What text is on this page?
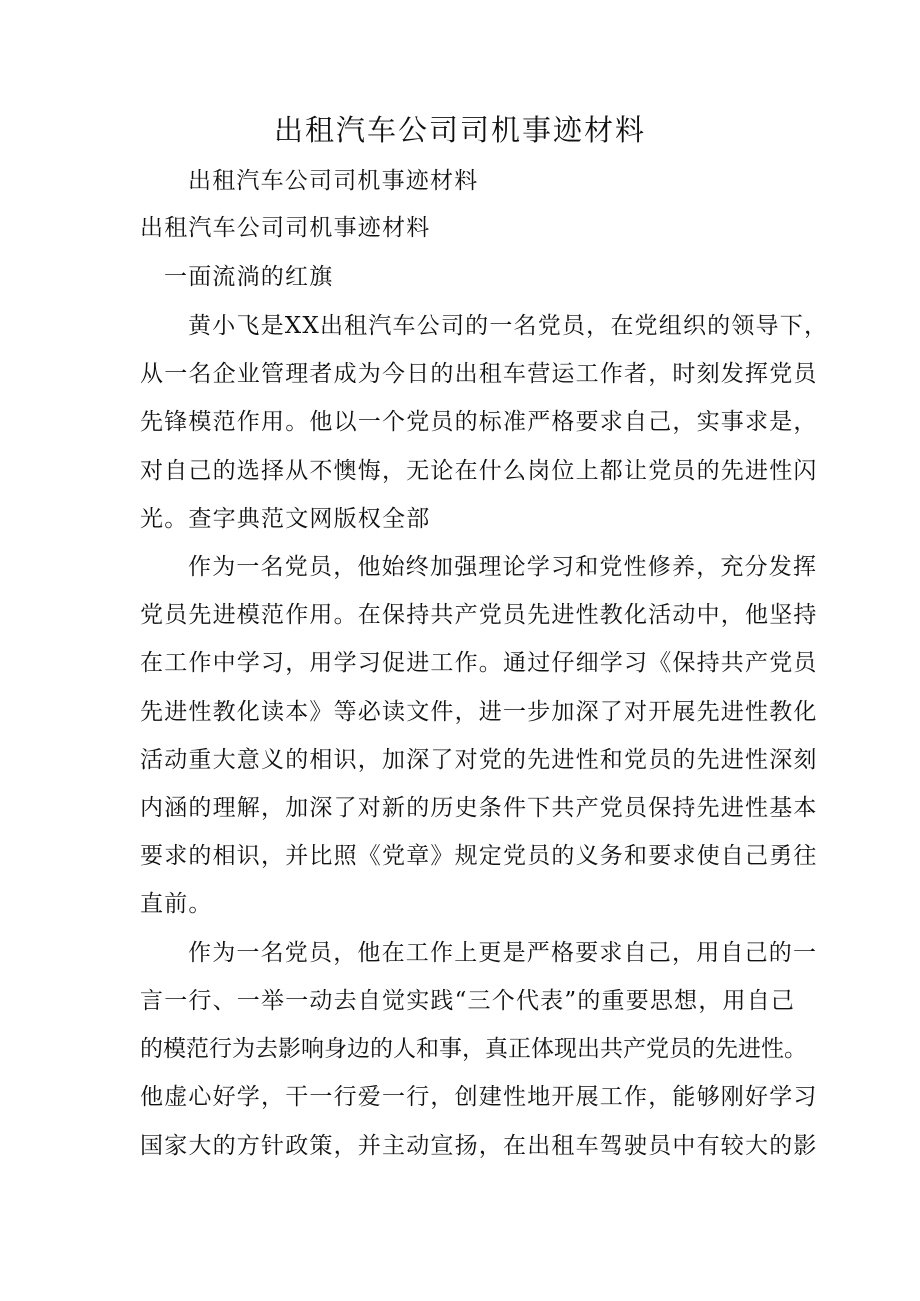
出租汽车公司司机事迹材料
出租汽车公司司机事迹材料
出租汽车公司司机事迹材料
一面流淌的红旗
黄小飞是XX出租汽车公司的一名党员，在党组织的领导下，
从一名企业管理者成为今日的出租车营运工作者，时刻发挥党员
先锋模范作用。他以一个党员的标准严格要求自己，实事求是，
对自己的选择从不懊悔，无论在什么岗位上都让党员的先进性闪
光。查字典范文网版权全部
作为一名党员，他始终加强理论学习和党性修养，充分发挥
党员先进模范作用。在保持共产党员先进性教化活动中，他坚持
在工作中学习，用学习促进工作。通过仔细学习《保持共产党员
先进性教化读本》等必读文件，进一步加深了对开展先进性教化
活动重大意义的相识，加深了对党的先进性和党员的先进性深刻
内涵的理解，加深了对新的历史条件下共产党员保持先进性基本
要求的相识，并比照《党章》规定党员的义务和要求使自己勇往
直前。
作为一名党员，他在工作上更是严格要求自己，用自己的一
言一行、一举一动去自觉实践“三个代表”的重要思想，用自己
的模范行为去影响身边的人和事，真正体现出共产党员的先进性。
他虚心好学，干一行爱一行，创建性地开展工作，能够刚好学习
国家大的方针政策，并主动宣扬，在出租车驾驶员中有较大的影
